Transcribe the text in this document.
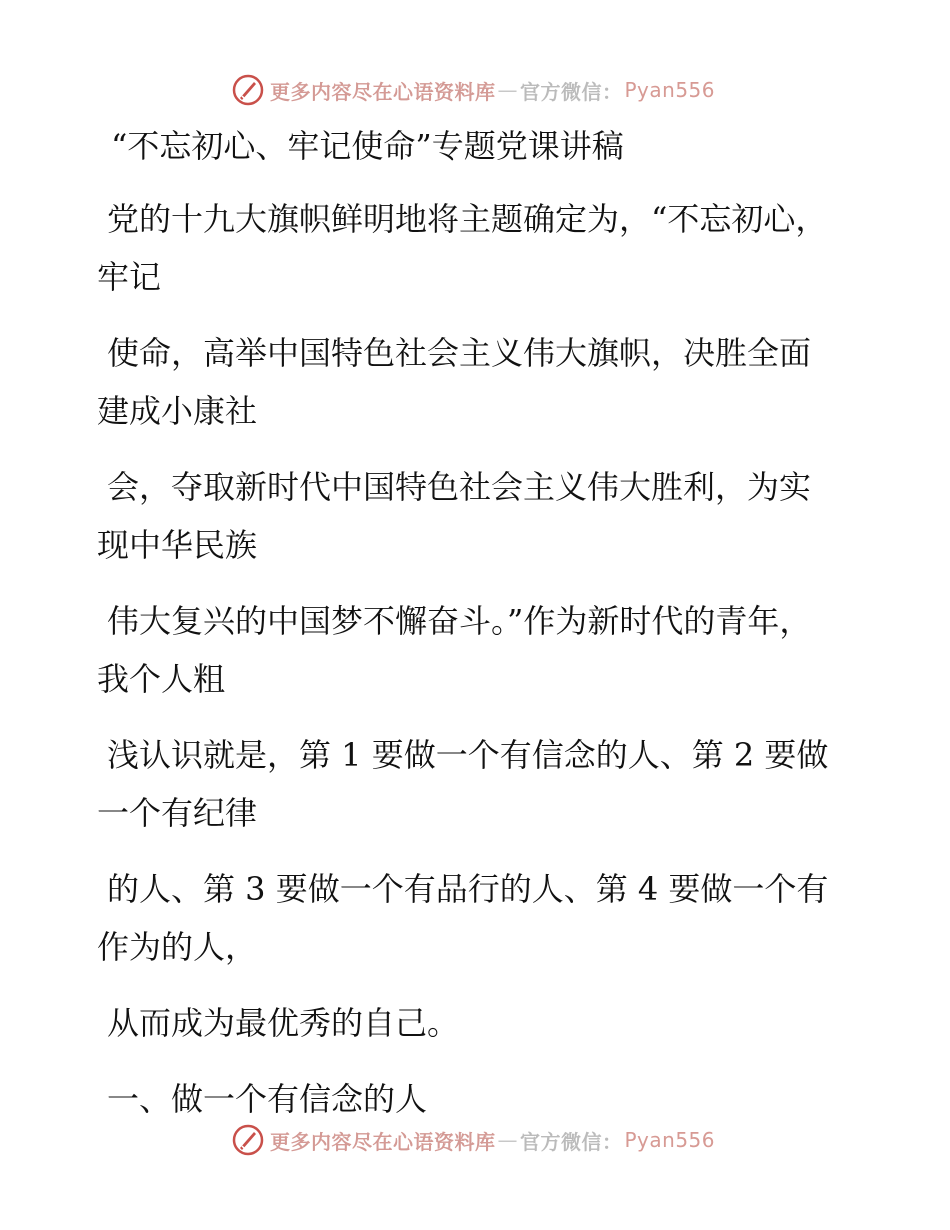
更多内容尽在心语资料库 — 官方微信： Pyan556
“不忘初心、牢记使命”专题党课讲稿
党的十九大旗帜鲜明地将主题确定为，“不忘初心，牢记
使命，高举中国特色社会主义伟大旗帜，决胜全面建成小康社
会，夺取新时代中国特色社会主义伟大胜利，为实现中华民族
伟大复兴的中国梦不懈奋斗。”作为新时代的青年，我个人粗
浅认识就是，第 1 要做一个有信念的人、第 2 要做一个有纪律
的人、第 3 要做一个有品行的人、第 4 要做一个有作为的人，
从而成为最优秀的自己。
一、做一个有信念的人
更多内容尽在心语资料库 — 官方微信： Pyan556
